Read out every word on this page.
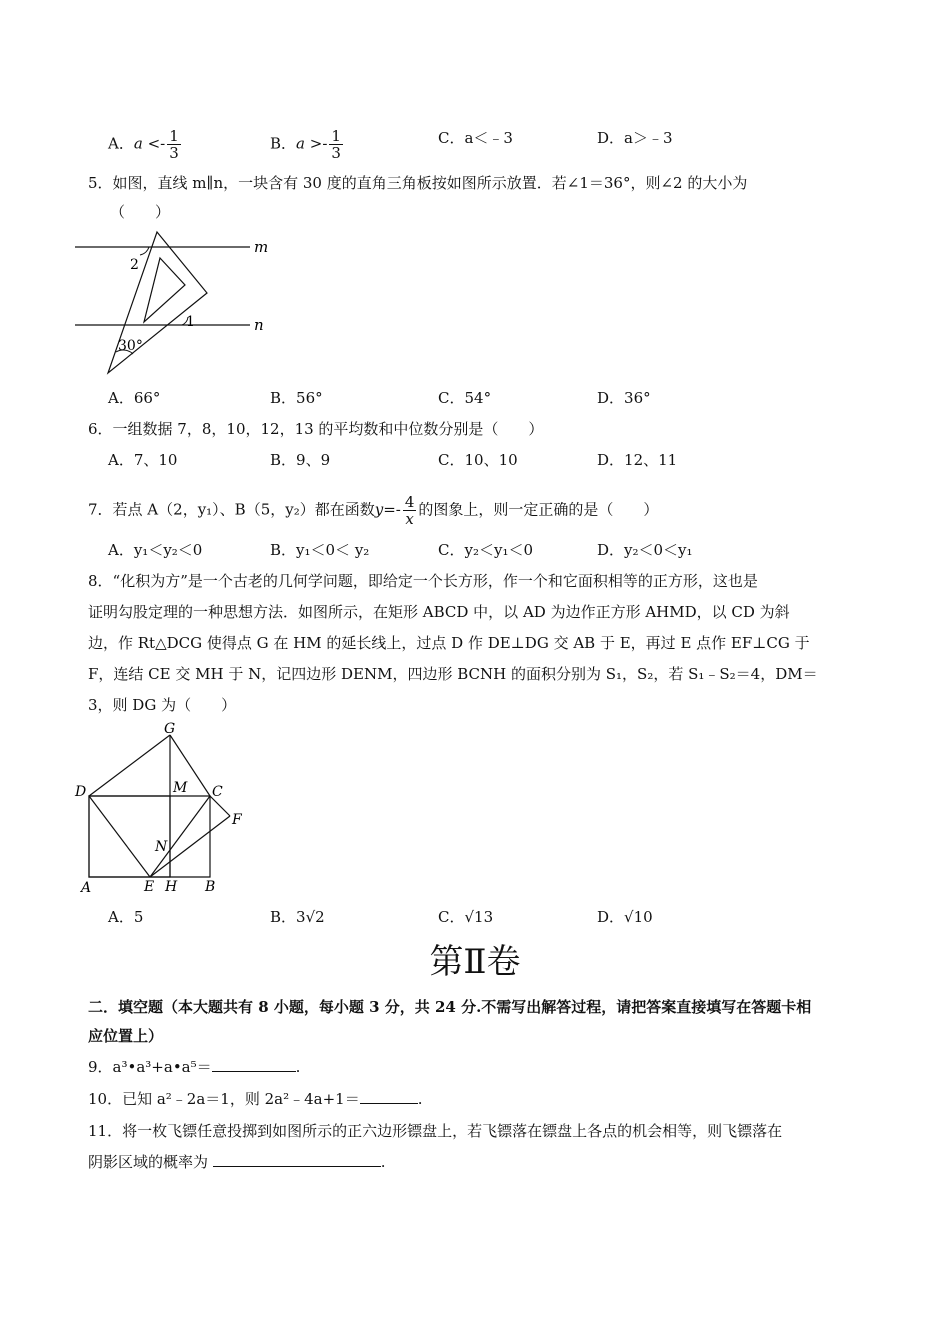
A．$a <- \frac{1}{3}$	B．$a >- \frac{1}{3}$	C．a＜﹣3	D．a＞﹣3
5．如图，直线 m∥n，一块含有 30 度的直角三角板按如图所示放置．若∠1＝36°，则∠2 的大小为
（　　）
m
n
1
2
30°
A．66°	B．56°	C．54°	D．36°
6．一组数据 7，8，10，12，13 的平均数和中位数分别是（　　）
A．7、10	B．9、9	C．10、10	D．12、11
7．若点 A（2，y₁）、B（5，y₂）都在函数$y=- \frac{4}{x}$ 的图象上，则一定正确的是（　　）
A．y₁＜y₂＜0	B．y₁＜0＜ y₂	C．y₂＜y₁＜0	D．y₂＜0＜y₁
8．“化积为方”是一个古老的几何学问题，即给定一个长方形，作一个和它面积相等的正方形，这也是
证明勾股定理的一种思想方法．如图所示，在矩形 ABCD 中，以 AD 为边作正方形 AHMD，以 CD 为斜
边，作 Rt△DCG 使得点 G 在 HM 的延长线上，过点 D 作 DE⊥DG 交 AB 于 E，再过 E 点作 EF⊥CG 于
F，连结 CE 交 MH 于 N，记四边形 DENM，四边形 BCNH 的面积分别为 S₁，S₂，若 S₁﹣S₂＝4，DM＝
3，则 DG 为（　　）
G
D	M C
F
N
A	E H B
A．5	B．3√2	C．√13	D．√10
第Ⅱ卷
二．填空题（本大题共有 8 小题，每小题 3 分，共 24 分.不需写出解答过程，请把答案直接填写在答题卡相
应位置上）
9．a³•a³+a•a⁵＝	.
10．已知 a²﹣2a＝1，则 2a²﹣4a+1＝	.
11．将一枚飞镖任意投掷到如图所示的正六边形镖盘上，若飞镖落在镖盘上各点的机会相等，则飞镖落在
阴影区域的概率为	.
